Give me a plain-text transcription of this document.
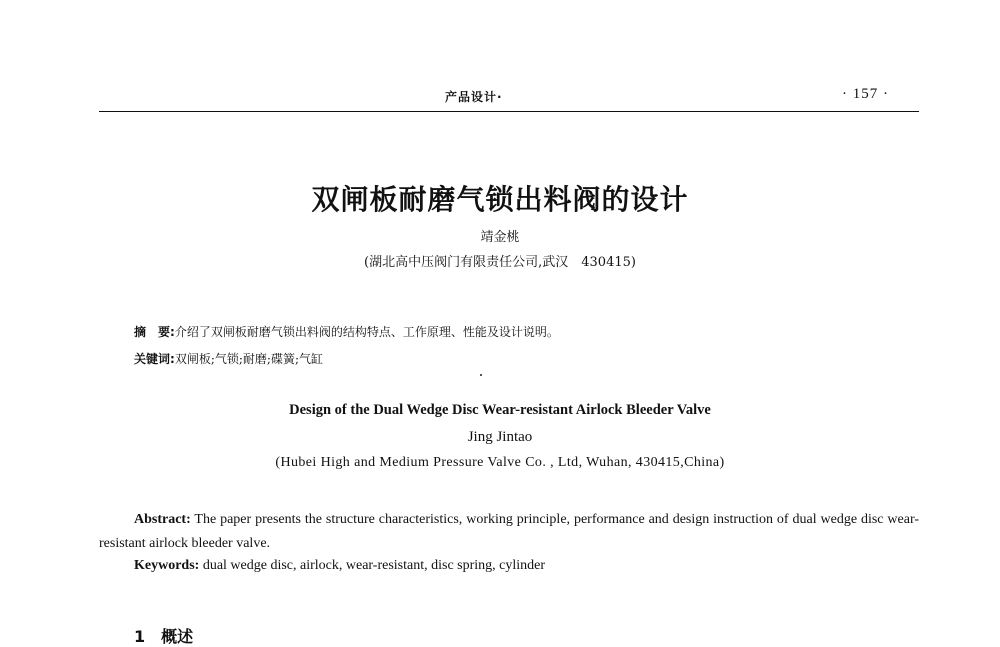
产品设计·	· 157 ·
双闸板耐磨气锁出料阀的设计
靖金桃
(湖北高中压阀门有限责任公司,武汉　430415)
摘　要:介绍了双闸板耐磨气锁出料阀的结构特点、工作原理、性能及设计说明。
关键词:双闸板;气锁;耐磨;碟簧;气缸
Design of the Dual Wedge Disc Wear-resistant Airlock Bleeder Valve
Jing Jintao
(Hubei High and Medium Pressure Valve Co. , Ltd, Wuhan, 430415,China)
Abstract: The paper presents the structure characteristics, working principle, performance and design instruction of dual wedge disc wear-resistant airlock bleeder valve.
Keywords: dual wedge disc, airlock, wear-resistant, disc spring, cylinder
1　概述
